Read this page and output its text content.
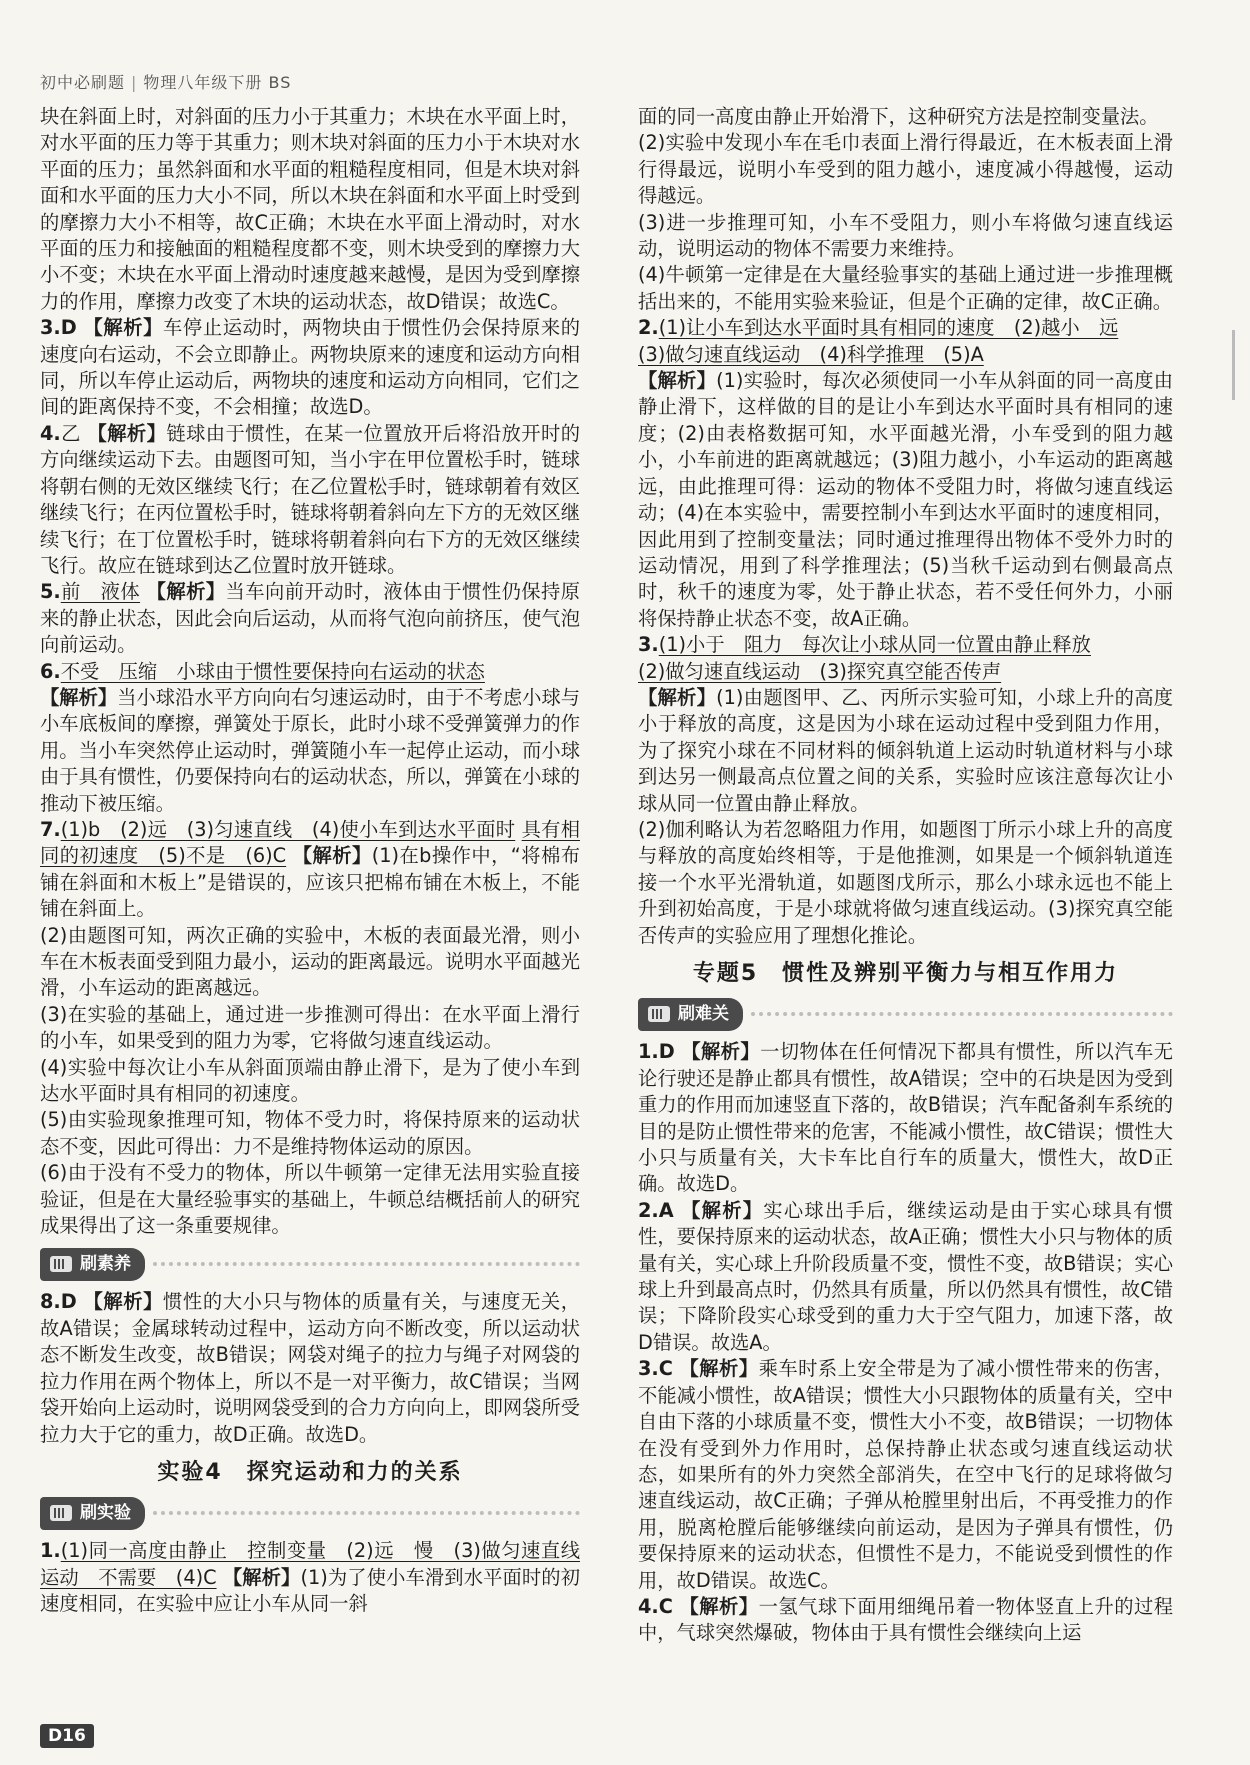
初中必刷题 | 物理八年级下册 BS

块在斜面上时，对斜面的压力小于其重力；木块在水平面上时，对水平面的压力等于其重力；则木块对斜面的压力小于木块对水平面的压力；虽然斜面和水平面的粗糙程度相同，但是木块对斜面和水平面的压力大小不同，所以木块在斜面和水平面上时受到的摩擦力大小不相等，故C正确；木块在水平面上滑动时，对水平面的压力和接触面的粗糙程度都不变，则木块受到的摩擦力大小不变；木块在水平面上滑动时速度越来越慢，是因为受到摩擦力的作用，摩擦力改变了木块的运动状态，故D错误；故选C。

3.D 【解析】车停止运动时，两物块由于惯性仍会保持原来的速度向右运动，不会立即静止。两物块原来的速度和运动方向相同，所以车停止运动后，两物块的速度和运动方向相同，它们之间的距离保持不变，不会相撞；故选D。

4.乙 【解析】链球由于惯性，在某一位置放开后将沿放开时的方向继续运动下去。由题图可知，当小宇在甲位置松手时，链球将朝右侧的无效区继续飞行；在乙位置松手时，链球朝着有效区继续飞行；在丙位置松手时，链球将朝着斜向左下方的无效区继续飞行；在丁位置松手时，链球将朝着斜向右下方的无效区继续飞行。故应在链球到达乙位置时放开链球。

5.前　液体 【解析】当车向前开动时，液体由于惯性仍保持原来的静止状态，因此会向后运动，从而将气泡向前挤压，使气泡向前运动。

6.不受　压缩　小球由于惯性要保持向右运动的状态
【解析】当小球沿水平方向向右匀速运动时，由于不考虑小球与小车底板间的摩擦，弹簧处于原长，此时小球不受弹簧弹力的作用。当小车突然停止运动时，弹簧随小车一起停止运动，而小球由于具有惯性，仍要保持向右的运动状态，所以，弹簧在小球的推动下被压缩。

7.(1)b　(2)远　(3)匀速直线　(4)使小车到达水平面时 具有相同的初速度　(5)不是　(6)C 【解析】(1)在b操作中，“将棉布铺在斜面和木板上”是错误的，应该只把棉布铺在木板上，不能铺在斜面上。

(2)由题图可知，两次正确的实验中，木板的表面最光滑，则小车在木板表面受到阻力最小，运动的距离最远。说明水平面越光滑，小车运动的距离越远。

(3)在实验的基础上，通过进一步推测可得出：在水平面上滑行的小车，如果受到的阻力为零，它将做匀速直线运动。

(4)实验中每次让小车从斜面顶端由静止滑下，是为了使小车到达水平面时具有相同的初速度。

(5)由实验现象推理可知，物体不受力时，将保持原来的运动状态不变，因此可得出：力不是维持物体运动的原因。

(6)由于没有不受力的物体，所以牛顿第一定律无法用实验直接验证，但是在大量经验事实的基础上，牛顿总结概括前人的研究成果得出了这一条重要规律。

刷素养

8.D 【解析】惯性的大小只与物体的质量有关，与速度无关，故A错误；金属球转动过程中，运动方向不断改变，所以运动状态不断发生改变，故B错误；网袋对绳子的拉力与绳子对网袋的拉力作用在两个物体上，所以不是一对平衡力，故C错误；当网袋开始向上运动时，说明网袋受到的合力方向向上，即网袋所受拉力大于它的重力，故D正确。故选D。

实验4　探究运动和力的关系
刷实验

1.(1)同一高度由静止　控制变量　(2)远　慢　(3)做匀速直线运动　不需要　(4)C 【解析】(1)为了使小车滑到水平面时的初速度相同，在实验中应让小车从同一斜

面的同一高度由静止开始滑下，这种研究方法是控制变量法。

(2)实验中发现小车在毛巾表面上滑行得最近，在木板表面上滑行得最远，说明小车受到的阻力越小，速度减小得越慢，运动得越远。

(3)进一步推理可知，小车不受阻力，则小车将做匀速直线运动，说明运动的物体不需要力来维持。

(4)牛顿第一定律是在大量经验事实的基础上通过进一步推理概括出来的，不能用实验来验证，但是个正确的定律，故C正确。

2.(1)让小车到达水平面时具有相同的速度　(2)越小　远
(3)做匀速直线运动　(4)科学推理　(5)A
【解析】(1)实验时，每次必须使同一小车从斜面的同一高度由静止滑下，这样做的目的是让小车到达水平面时具有相同的速度；(2)由表格数据可知，水平面越光滑，小车受到的阻力越小，小车前进的距离就越远；(3)阻力越小，小车运动的距离越远，由此推理可得：运动的物体不受阻力时，将做匀速直线运动；(4)在本实验中，需要控制小车到达水平面时的速度相同，因此用到了控制变量法；同时通过推理得出物体不受外力时的运动情况，用到了科学推理法；(5)当秋千运动到右侧最高点时，秋千的速度为零，处于静止状态，若不受任何外力，小丽将保持静止状态不变，故A正确。

3.(1)小于　阻力　每次让小球从同一位置由静止释放
(2)做匀速直线运动　(3)探究真空能否传声
【解析】(1)由题图甲、乙、丙所示实验可知，小球上升的高度小于释放的高度，这是因为小球在运动过程中受到阻力作用，为了探究小球在不同材料的倾斜轨道上运动时轨道材料与小球到达另一侧最高点位置之间的关系，实验时应该注意每次让小球从同一位置由静止释放。

(2)伽利略认为若忽略阻力作用，如题图丁所示小球上升的高度与释放的高度始终相等，于是他推测，如果是一个倾斜轨道连接一个水平光滑轨道，如题图戊所示，那么小球永远也不能上升到初始高度，于是小球就将做匀速直线运动。(3)探究真空能否传声的实验应用了理想化推论。

专题5　惯性及辨别平衡力与相互作用力
刷难关

1.D 【解析】一切物体在任何情况下都具有惯性，所以汽车无论行驶还是静止都具有惯性，故A错误；空中的石块是因为受到重力的作用而加速竖直下落的，故B错误；汽车配备刹车系统的目的是防止惯性带来的危害，不能减小惯性，故C错误；惯性大小只与质量有关，大卡车比自行车的质量大，惯性大，故D正确。故选D。

2.A 【解析】实心球出手后，继续运动是由于实心球具有惯性，要保持原来的运动状态，故A正确；惯性大小只与物体的质量有关，实心球上升阶段质量不变，惯性不变，故B错误；实心球上升到最高点时，仍然具有质量，所以仍然具有惯性，故C错误；下降阶段实心球受到的重力大于空气阻力，加速下落，故D错误。故选A。

3.C 【解析】乘车时系上安全带是为了减小惯性带来的伤害，不能减小惯性，故A错误；惯性大小只跟物体的质量有关，空中自由下落的小球质量不变，惯性大小不变，故B错误；一切物体在没有受到外力作用时，总保持静止状态或匀速直线运动状态，如果所有的外力突然全部消失，在空中飞行的足球将做匀速直线运动，故C正确；子弹从枪膛里射出后，不再受推力的作用，脱离枪膛后能够继续向前运动，是因为子弹具有惯性，仍要保持原来的运动状态，但惯性不是力，不能说受到惯性的作用，故D错误。故选C。

4.C 【解析】一氢气球下面用细绳吊着一物体竖直上升的过程中，气球突然爆破，物体由于具有惯性会继续向上运

D16
